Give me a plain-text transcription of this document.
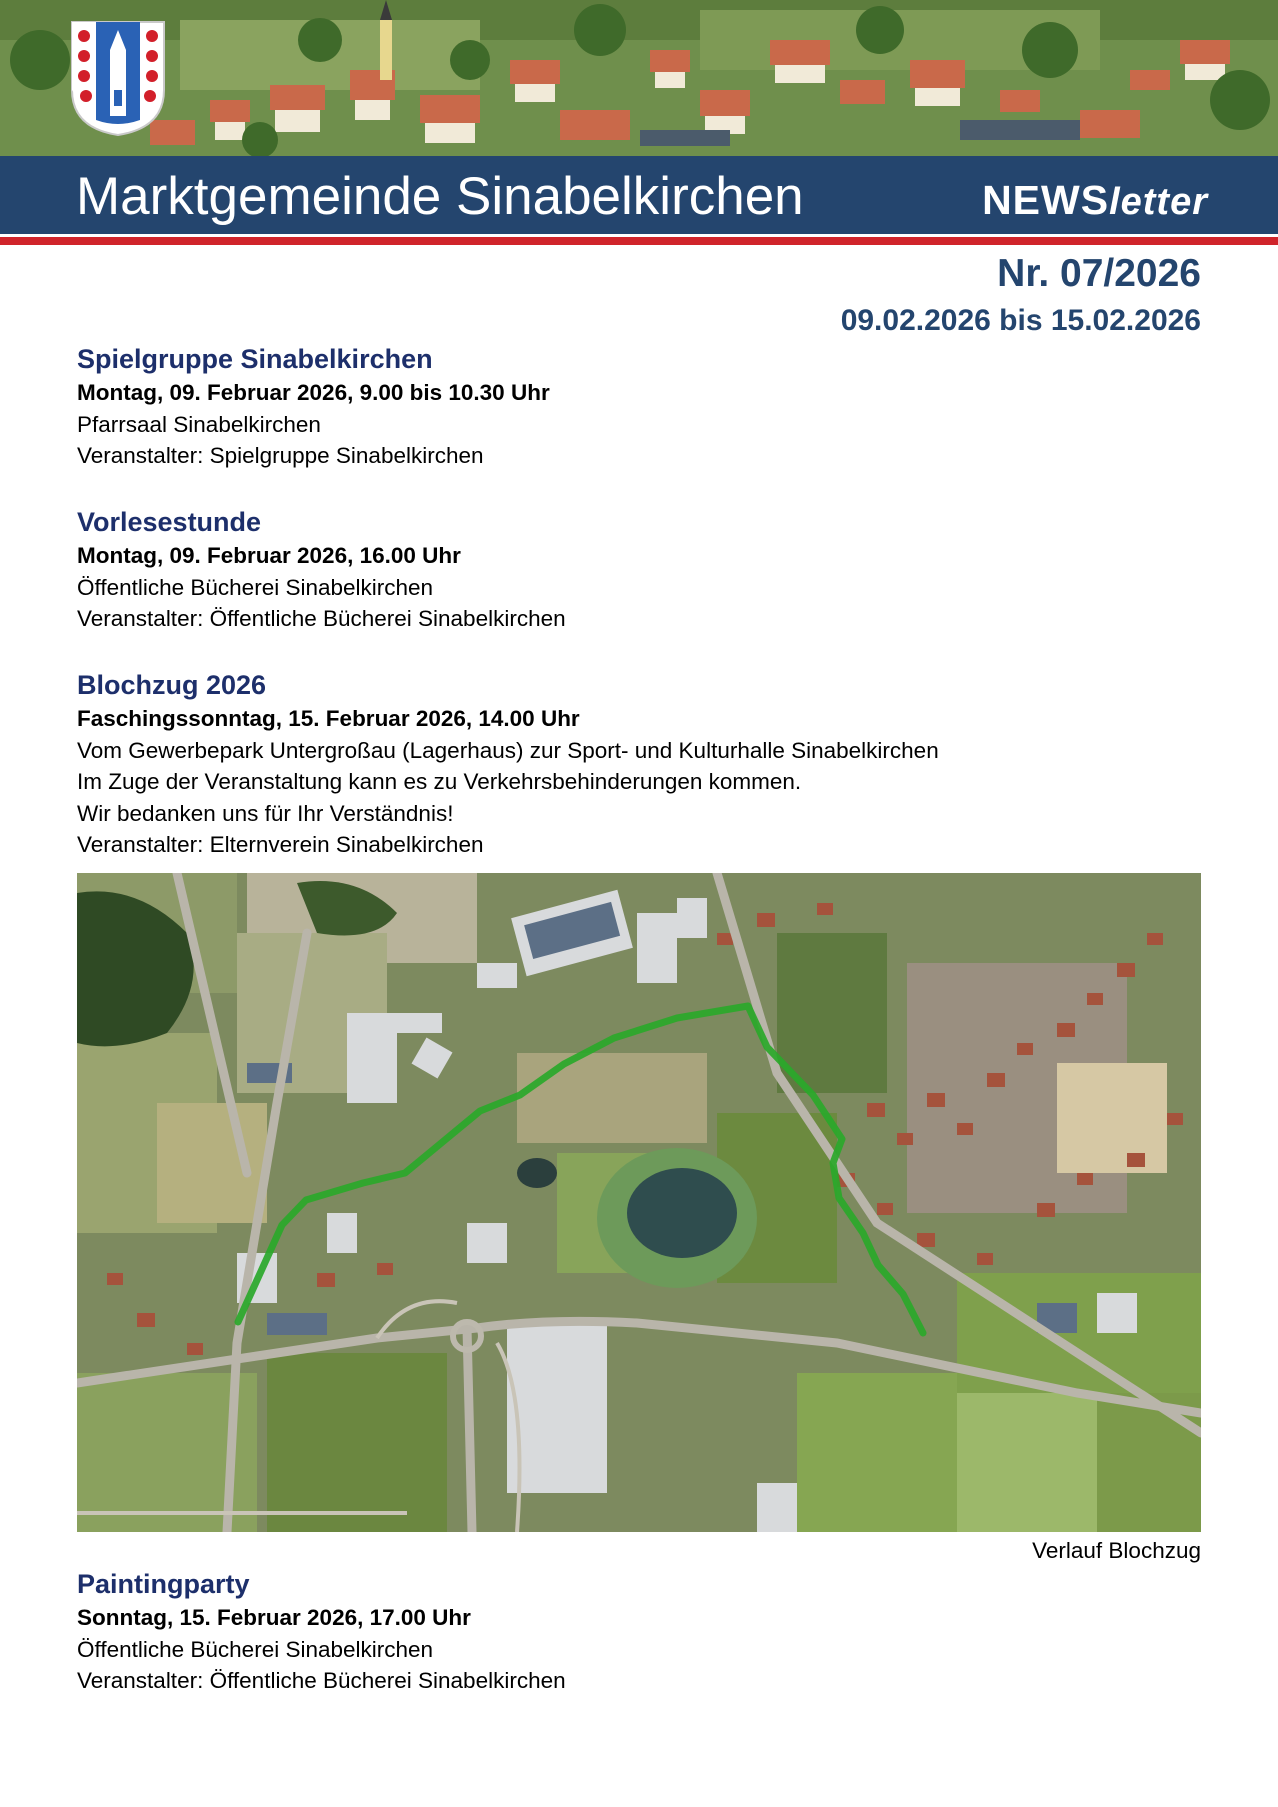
Marktgemeinde Sinabelkirchen	NEWSletter
Nr. 07/2026
09.02.2026 bis 15.02.2026
Spielgruppe Sinabelkirchen
Montag, 09. Februar 2026, 9.00 bis 10.30 Uhr
Pfarrsaal Sinabelkirchen
Veranstalter: Spielgruppe Sinabelkirchen
Vorlesestunde
Montag, 09. Februar 2026, 16.00 Uhr
Öffentliche Bücherei Sinabelkirchen
Veranstalter: Öffentliche Bücherei Sinabelkirchen
Blochzug 2026
Faschingssonntag, 15. Februar 2026, 14.00 Uhr
Vom Gewerbepark Untergroßau (Lagerhaus) zur Sport- und Kulturhalle Sinabelkirchen
Im Zuge der Veranstaltung kann es zu Verkehrsbehinderungen kommen.
Wir bedanken uns für Ihr Verständnis!
Veranstalter: Elternverein Sinabelkirchen
Verlauf Blochzug
Paintingparty
Sonntag, 15. Februar 2026, 17.00 Uhr
Öffentliche Bücherei Sinabelkirchen
Veranstalter: Öffentliche Bücherei Sinabelkirchen
